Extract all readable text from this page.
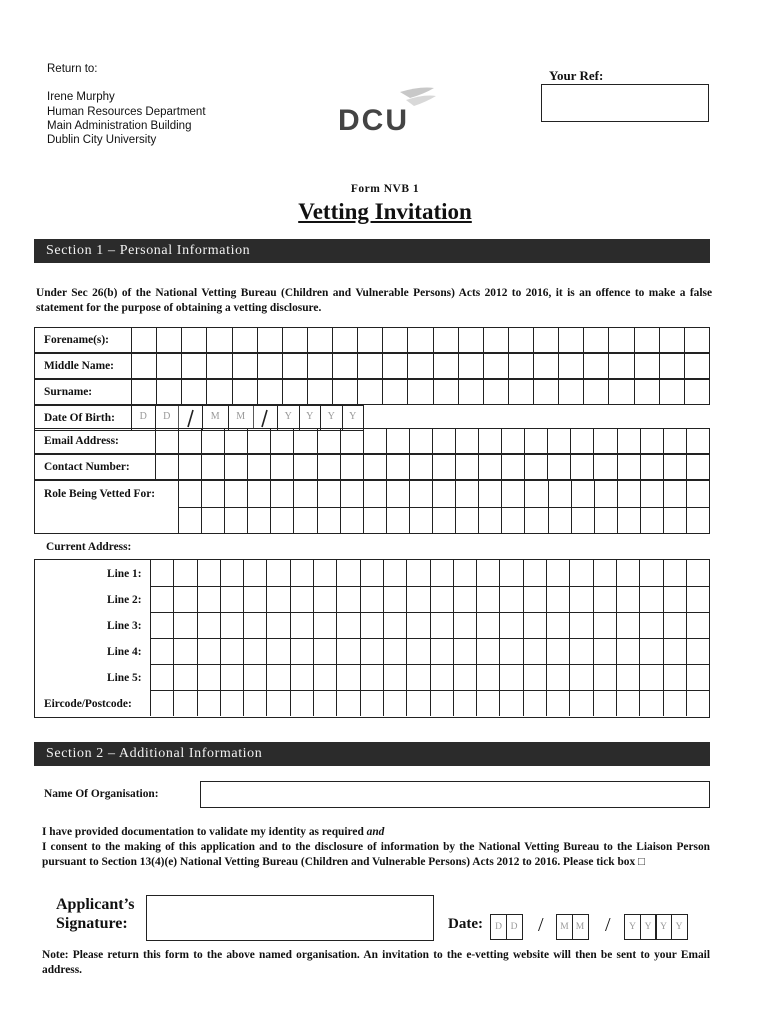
Return to:
Irene Murphy
Human Resources Department
Main Administration Building
Dublin City University
DCU
Your Ref:
Form NVB 1
Vetting Invitation
Section 1 – Personal Information
Under Sec 26(b) of the National Vetting Bureau (Children and Vulnerable Persons) Acts 2012 to 2016, it is an offence to make a false statement for the purpose of obtaining a vetting disclosure.
Forename(s):
Middle Name:
Surname:
Date Of Birth:	D	D	M	M	Y	Y	Y	Y
Email Address:
Contact Number:
Role Being Vetted For:
Current Address:
Line 1:
Line 2:
Line 3:
Line 4:
Line 5:
Eircode/Postcode:
Section 2 – Additional Information
Name Of Organisation:
I have provided documentation to validate my identity as required and
I consent to the making of this application and to the disclosure of information by the National Vetting Bureau to the Liaison Person pursuant to Section 13(4)(e) National Vetting Bureau (Children and Vulnerable Persons) Acts 2012 to 2016. Please tick box □
Applicant’s
Signature:	Date:	D D /	M M /	Y Y Y Y
Note: Please return this form to the above named organisation. An invitation to the e-vetting website will then be sent to your Email address.
